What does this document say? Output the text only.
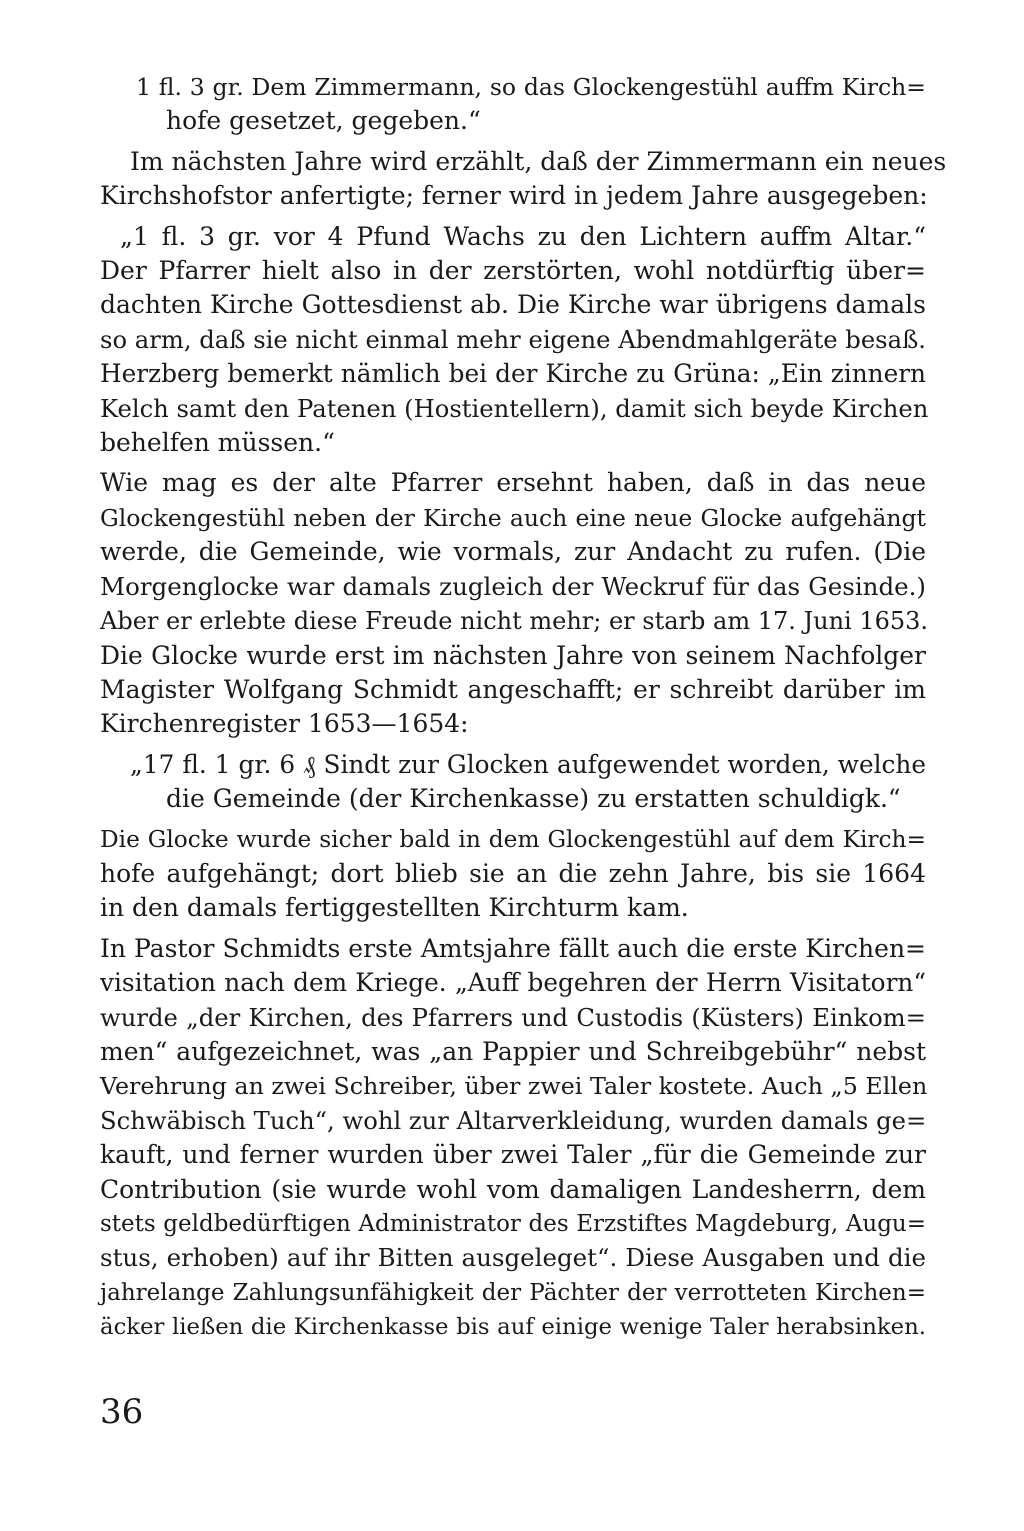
1 fl. 3 gr. Dem Zimmermann, so das Glockengestühl auffm Kirch=
hofe gesetzet, gegeben.“
Im nächsten Jahre wird erzählt, daß der Zimmermann ein neues
Kirchshofstor anfertigte; ferner wird in jedem Jahre ausgegeben:
„1 fl. 3 gr. vor 4 Pfund Wachs zu den Lichtern auffm Altar.“
Der Pfarrer hielt also in der zerstörten, wohl notdürftig über=
dachten Kirche Gottesdienst ab. Die Kirche war übrigens damals
so arm, daß sie nicht einmal mehr eigene Abendmahlgeräte besaß.
Herzberg bemerkt nämlich bei der Kirche zu Grüna: „Ein zinnern
Kelch samt den Patenen (Hostientellern), damit sich beyde Kirchen
behelfen müssen.“
Wie mag es der alte Pfarrer ersehnt haben, daß in das neue
Glockengestühl neben der Kirche auch eine neue Glocke aufgehängt
werde, die Gemeinde, wie vormals, zur Andacht zu rufen. (Die
Morgenglocke war damals zugleich der Weckruf für das Gesinde.)
Aber er erlebte diese Freude nicht mehr; er starb am 17. Juni 1653.
Die Glocke wurde erst im nächsten Jahre von seinem Nachfolger
Magister Wolfgang Schmidt angeschafft; er schreibt darüber im
Kirchenregister 1653—1654:
„17 fl. 1 gr. 6 ₰ Sindt zur Glocken aufgewendet worden, welche
die Gemeinde (der Kirchenkasse) zu erstatten schuldigk.“
Die Glocke wurde sicher bald in dem Glockengestühl auf dem Kirch=
hofe aufgehängt; dort blieb sie an die zehn Jahre, bis sie 1664
in den damals fertiggestellten Kirchturm kam.
In Pastor Schmidts erste Amtsjahre fällt auch die erste Kirchen=
visitation nach dem Kriege. „Auff begehren der Herrn Visitatorn“
wurde „der Kirchen, des Pfarrers und Custodis (Küsters) Einkom=
men“ aufgezeichnet, was „an Pappier und Schreibgebühr“ nebst
Verehrung an zwei Schreiber, über zwei Taler kostete. Auch „5 Ellen
Schwäbisch Tuch“, wohl zur Altarverkleidung, wurden damals ge=
kauft, und ferner wurden über zwei Taler „für die Gemeinde zur
Contribution (sie wurde wohl vom damaligen Landesherrn, dem
stets geldbedürftigen Administrator des Erzstiftes Magdeburg, Augu=
stus, erhoben) auf ihr Bitten ausgeleget“. Diese Ausgaben und die
jahrelange Zahlungsunfähigkeit der Pächter der verrotteten Kirchen=
äcker ließen die Kirchenkasse bis auf einige wenige Taler herabsinken.
36
